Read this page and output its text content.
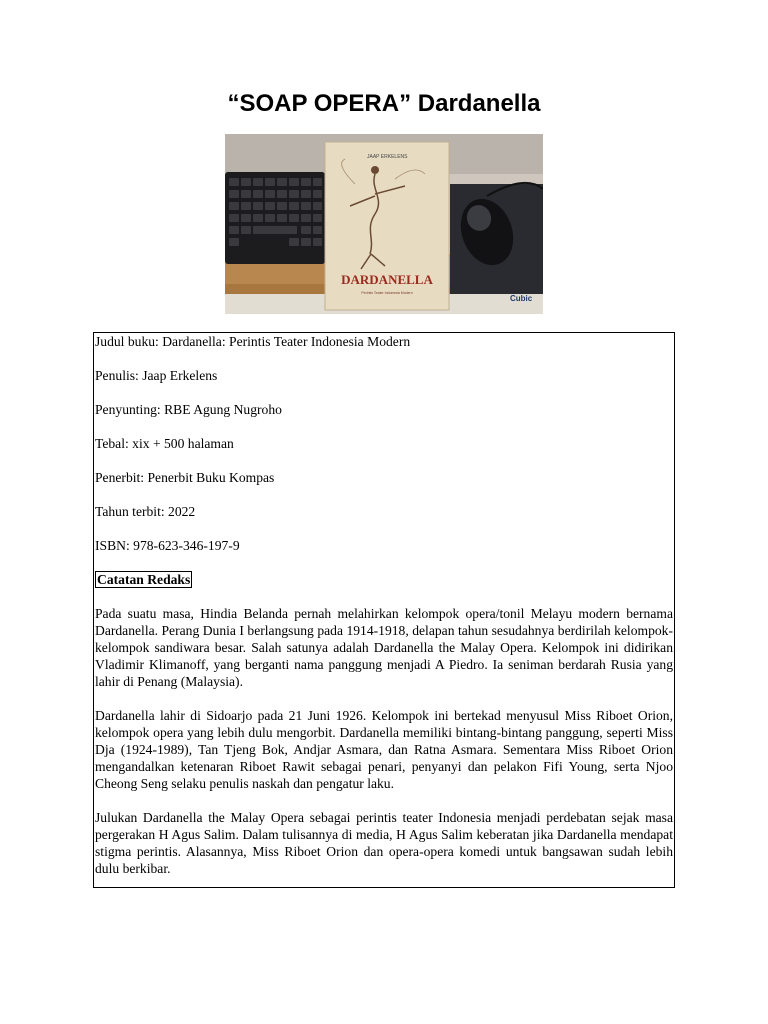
“SOAP OPERA” Dardanella
Cubic
JAAP ERKELENS
DARDANELLA
Perintis Teater Indonesia Modern

Judul buku: Dardanella: Perintis Teater Indonesia Modern

Penulis: Jaap Erkelens

Penyunting: RBE Agung Nugroho

Tebal: xix + 500 halaman

Penerbit: Penerbit Buku Kompas

Tahun terbit: 2022

ISBN: 978-623-346-197-9

Catatan Redaks

Pada suatu masa, Hindia Belanda pernah melahirkan kelompok opera/tonil Melayu modern bernama Dardanella. Perang Dunia I berlangsung pada 1914-1918, delapan tahun sesudahnya berdirilah kelompok-kelompok sandiwara besar. Salah satunya adalah Dardanella the Malay Opera. Kelompok ini didirikan Vladimir Klimanoff, yang berganti nama panggung menjadi A Piedro. Ia seniman berdarah Rusia yang lahir di Penang (Malaysia).

Dardanella lahir di Sidoarjo pada 21 Juni 1926. Kelompok ini bertekad menyusul Miss Riboet Orion, kelompok opera yang lebih dulu mengorbit. Dardanella memiliki bintang-bintang panggung, seperti Miss Dja (1924-1989), Tan Tjeng Bok, Andjar Asmara, dan Ratna Asmara. Sementara Miss Riboet Orion mengandalkan ketenaran Riboet Rawit sebagai penari, penyanyi dan pelakon Fifi Young, serta Njoo Cheong Seng selaku penulis naskah dan pengatur laku.

Julukan Dardanella the Malay Opera sebagai perintis teater Indonesia menjadi perdebatan sejak masa pergerakan H Agus Salim. Dalam tulisannya di media, H Agus Salim keberatan jika Dardanella mendapat stigma perintis. Alasannya, Miss Riboet Orion dan opera-opera komedi untuk bangsawan sudah lebih dulu berkibar.
